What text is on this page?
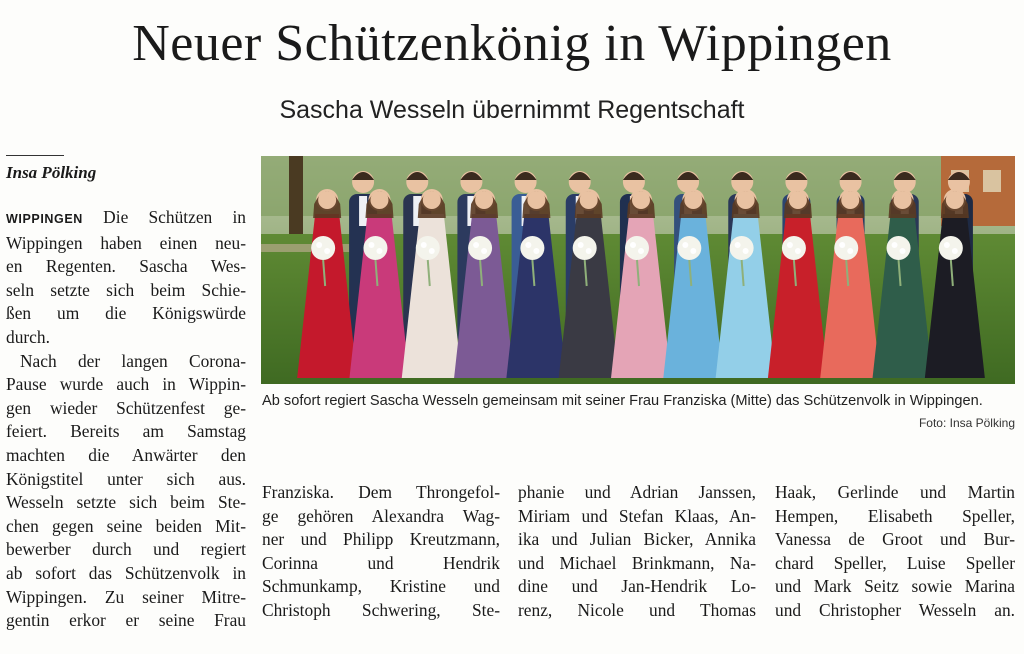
Neuer Schützenkönig in Wippingen
Sascha Wesseln übernimmt Regentschaft
Insa Pölking
WIPPINGEN Die Schützen in
Wippingen haben einen neu-
en Regenten. Sascha Wes-
seln setzte sich beim Schie-
ßen um die Königswürde
durch.
Nach der langen Corona-
Pause wurde auch in Wippin-
gen wieder Schützenfest ge-
feiert. Bereits am Samstag
machten die Anwärter den
Königstitel unter sich aus.
Wesseln setzte sich beim Ste-
chen gegen seine beiden Mit-
bewerber durch und regiert
ab sofort das Schützenvolk in
Wippingen. Zu seiner Mitre-
gentin erkor er seine Frau
Franziska. Dem Throngefol-
ge gehören Alexandra Wag-
ner und Philipp Kreutzmann,
Corinna und Hendrik
Schmunkamp, Kristine und
Christoph Schwering, Ste-
phanie und Adrian Janssen,
Miriam und Stefan Klaas, An-
ika und Julian Bicker, Annika
und Michael Brinkmann, Na-
dine und Jan-Hendrik Lo-
renz, Nicole und Thomas
Haak, Gerlinde und Martin
Hempen, Elisabeth Speller,
Vanessa de Groot und Bur-
chard Speller, Luise Speller
und Mark Seitz sowie Marina
und Christopher Wesseln an.
Ab sofort regiert Sascha Wesseln gemeinsam mit seiner Frau Franziska (Mitte) das Schützenvolk in Wippingen.
Foto: Insa Pölking
